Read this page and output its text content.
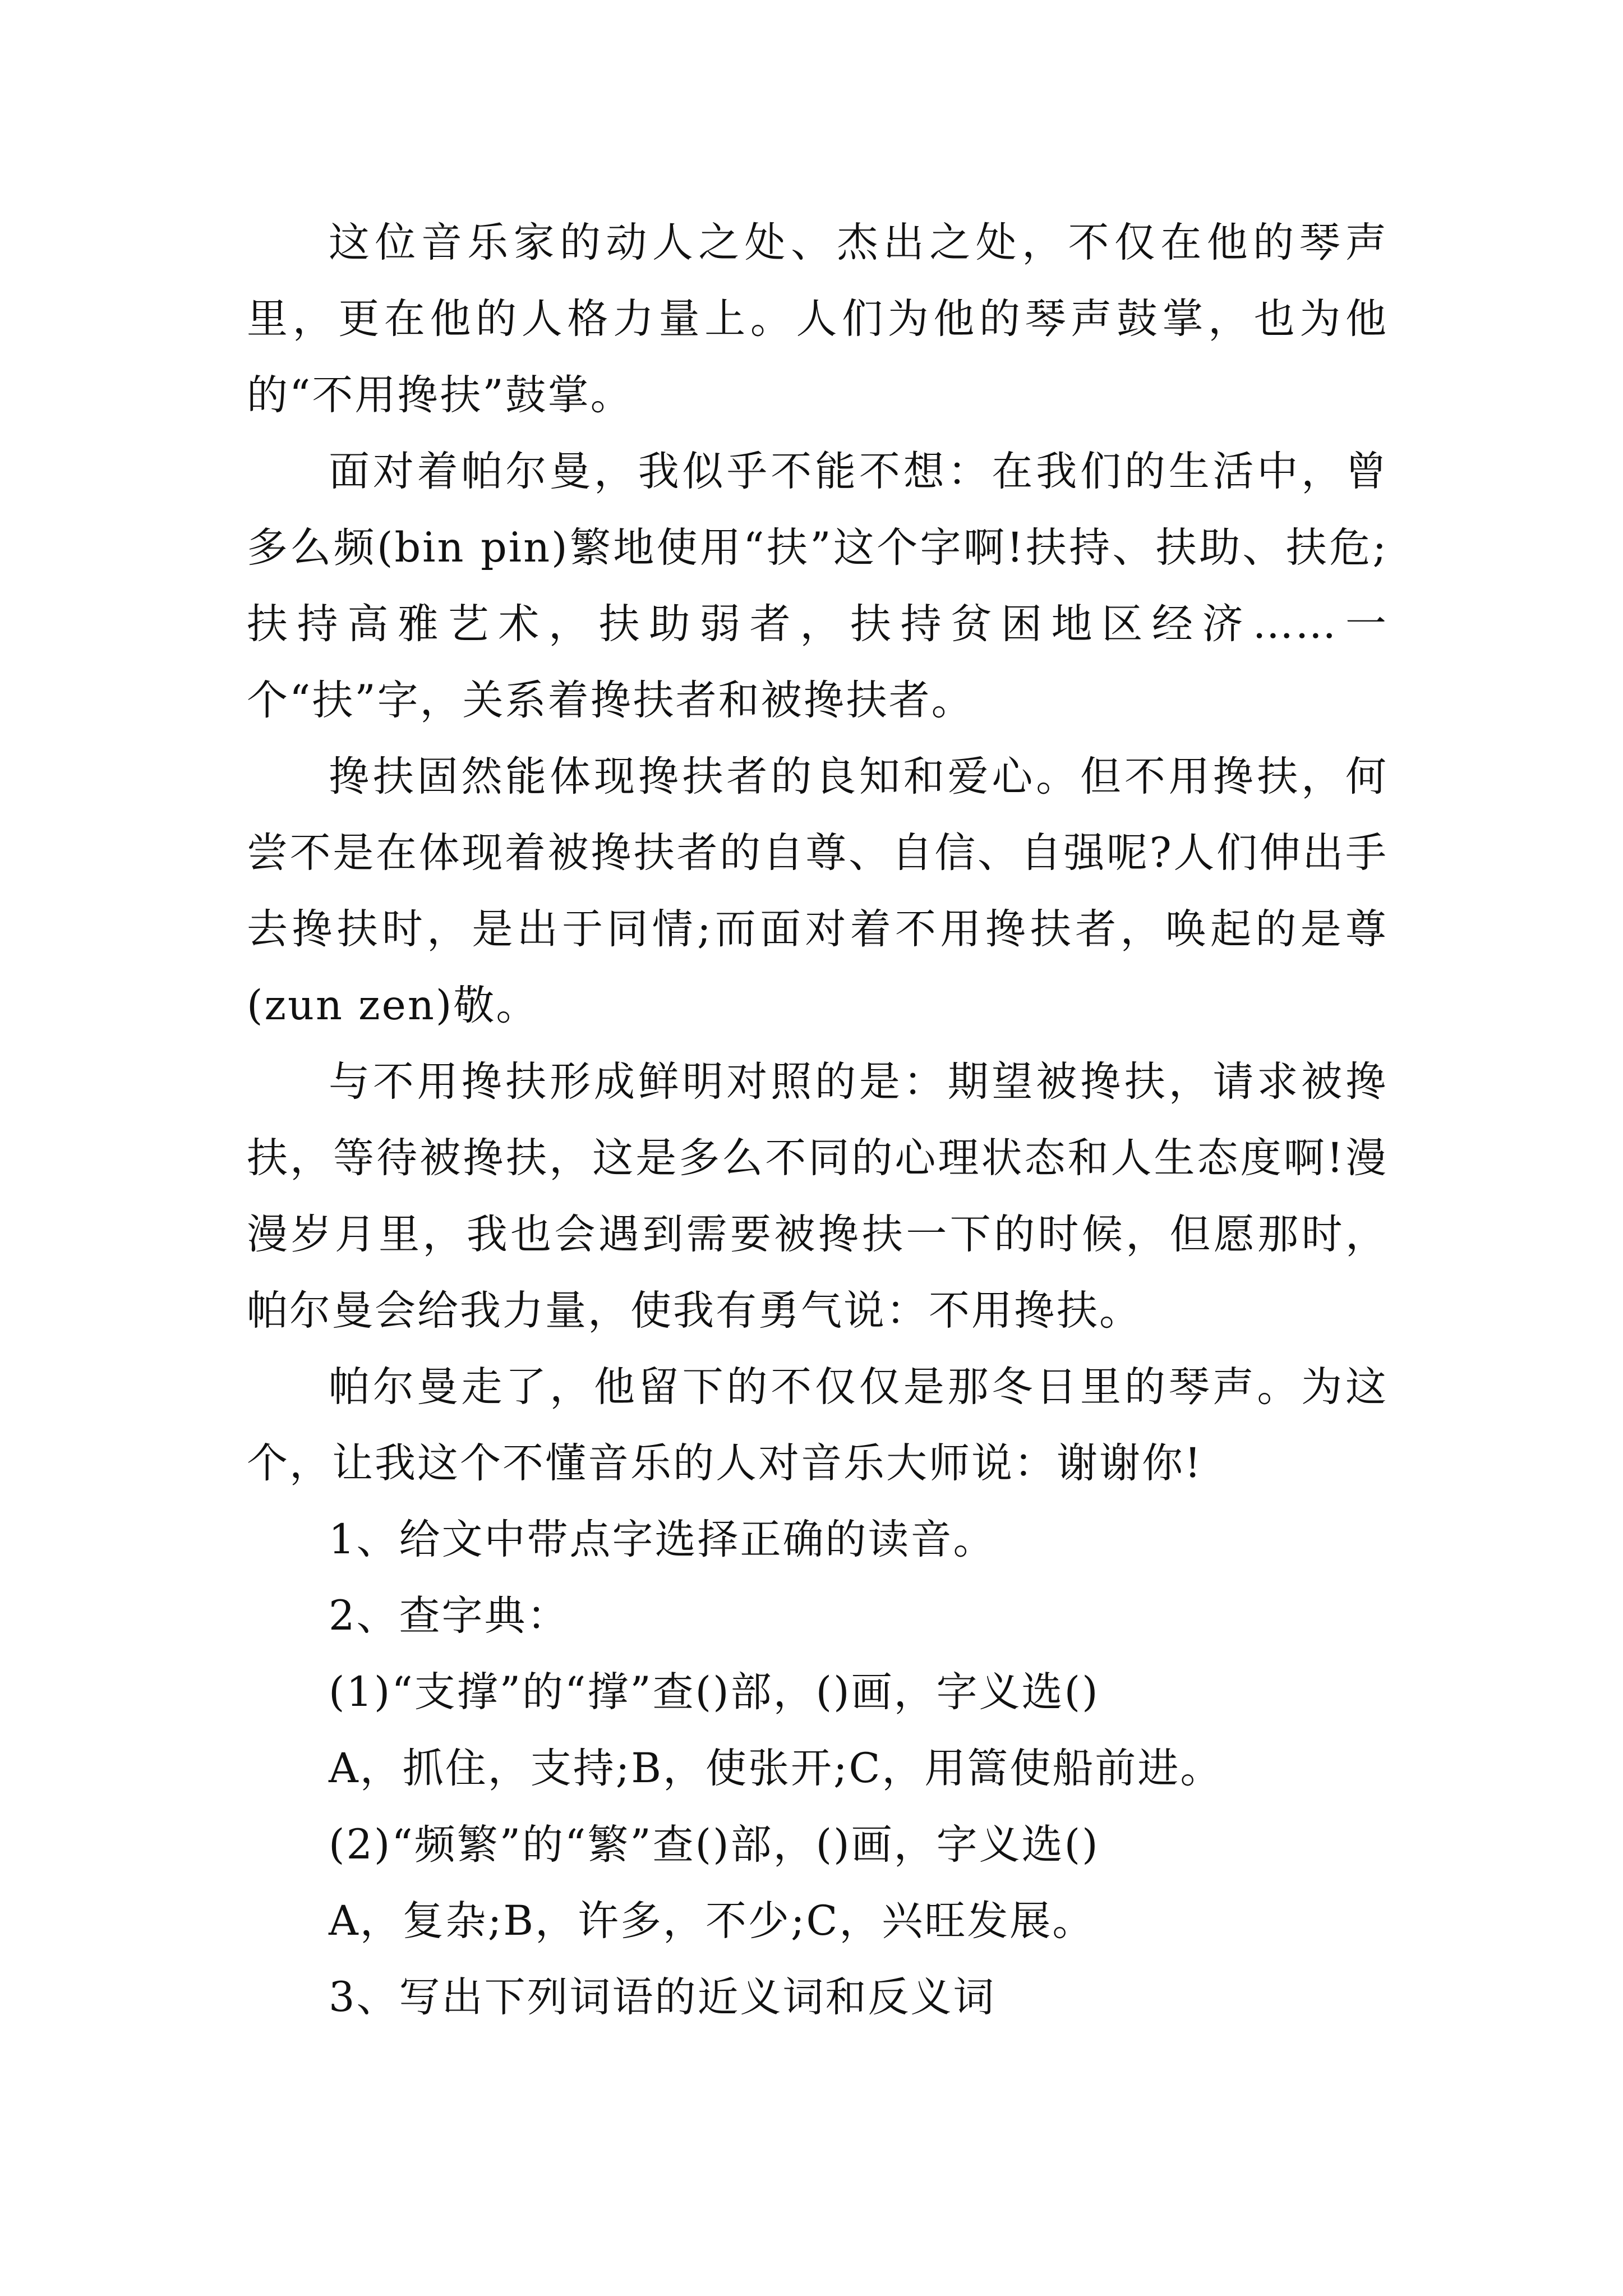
这位音乐家的动人之处、杰出之处，不仅在他的琴声里，更在他的人格力量上。人们为他的琴声鼓掌，也为他的“不用搀扶”鼓掌。

面对着帕尔曼，我似乎不能不想：在我们的生活中，曾多么频(bin pin)繁地使用“扶”这个字啊!扶持、扶助、扶危;扶持高雅艺术，扶助弱者，扶持贫困地区经济……一个“扶”字，关系着搀扶者和被搀扶者。

搀扶固然能体现搀扶者的良知和爱心。但不用搀扶，何尝不是在体现着被搀扶者的自尊、自信、自强呢?人们伸出手去搀扶时，是出于同情;而面对着不用搀扶者，唤起的是尊(zun zen)敬。

与不用搀扶形成鲜明对照的是：期望被搀扶，请求被搀扶，等待被搀扶，这是多么不同的心理状态和人生态度啊!漫漫岁月里，我也会遇到需要被搀扶一下的时候，但愿那时，帕尔曼会给我力量，使我有勇气说：不用搀扶。

帕尔曼走了，他留下的不仅仅是那冬日里的琴声。为这个，让我这个不懂音乐的人对音乐大师说：谢谢你!

1、给文中带点字选择正确的读音。

2、查字典：

(1)“支撑”的“撑”查()部，()画，字义选()

A，抓住，支持;B，使张开;C，用篙使船前进。

(2)“频繁”的“繁”查()部，()画，字义选()

A，复杂;B，许多，不少;C，兴旺发展。

3、写出下列词语的近义词和反义词
